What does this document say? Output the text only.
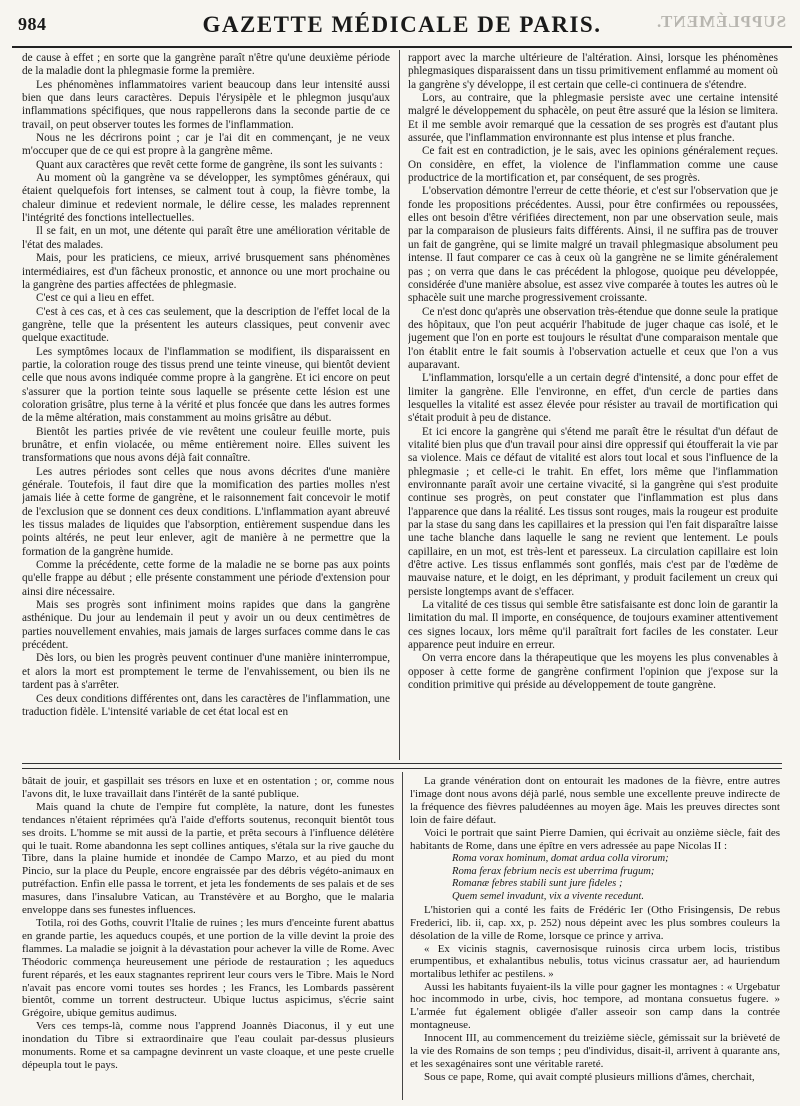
984	GAZETTE MÉDICALE DE PARIS.	SUPPLÉMENT.

de cause à effet ; en sorte que la gangrène paraît n'être qu'une deuxième période de la maladie dont la phlegmasie forme la première.

Les phénomènes inflammatoires varient beaucoup dans leur intensité aussi bien que dans leurs caractères. Depuis l'érysipèle et le phlegmon jusqu'aux inflammations spécifiques, que nous rappellerons dans la seconde partie de ce travail, on peut observer toutes les formes de l'inflammation.

Nous ne les décrirons point ; car je l'ai dit en commençant, je ne veux m'occuper que de ce qui est propre à la gangrène même.

Quant aux caractères que revêt cette forme de gangrène, ils sont les suivants :

Au moment où la gangrène va se développer, les symptômes généraux, qui étaient quelquefois fort intenses, se calment tout à coup, la fièvre tombe, la chaleur diminue et redevient normale, le délire cesse, les malades reprennent l'intégrité des fonctions intellectuelles.

Il se fait, en un mot, une détente qui paraît être une amélioration véritable de l'état des malades.

Mais, pour les praticiens, ce mieux, arrivé brusquement sans phénomènes intermédiaires, est d'un fâcheux pronostic, et annonce ou une mort prochaine ou la gangrène des parties affectées de phlegmasie.

C'est ce qui a lieu en effet.

C'est à ces cas, et à ces cas seulement, que la description de l'effet local de la gangrène, telle que la présentent les auteurs classiques, peut convenir avec quelque exactitude.

Les symptômes locaux de l'inflammation se modifient, ils disparaissent en partie, la coloration rouge des tissus prend une teinte vineuse, qui bientôt devient celle que nous avons indiquée comme propre à la gangrène. Et ici encore on peut s'assurer que la portion teinte sous laquelle se présente cette lésion est une coloration grisâtre, plus terne à la vérité et plus foncée que dans les autres formes de la même altération, mais constamment au moins grisâtre au début.

Bientôt les parties privée de vie revêtent une couleur feuille morte, puis brunâtre, et enfin violacée, ou même entièrement noire. Elles suivent les transformations que nous avons déjà fait connaître.

Les autres périodes sont celles que nous avons décrites d'une manière générale. Toutefois, il faut dire que la momification des parties molles n'est jamais liée à cette forme de gangrène, et le raisonnement fait concevoir le motif de l'exclusion que se donnent ces deux conditions. L'inflammation ayant abreuvé les tissus malades de liquides que l'absorption, entièrement suspendue dans les points altérés, ne peut leur enlever, agit de manière à ne permettre que la formation de la gangrène humide.

Comme la précédente, cette forme de la maladie ne se borne pas aux points qu'elle frappe au début ; elle présente constamment une période d'extension pour ainsi dire nécessaire.

Mais ses progrès sont infiniment moins rapides que dans la gangrène asthénique. Du jour au lendemain il peut y avoir un ou deux centimètres de parties nouvellement envahies, mais jamais de larges surfaces comme dans le cas précédent.

Dès lors, ou bien les progrès peuvent continuer d'une manière ininterrompue, et alors la mort est promptement le terme de l'envahissement, ou bien ils ne tardent pas à s'arrêter.

Ces deux conditions différentes ont, dans les caractères de l'inflammation, une traduction fidèle. L'intensité variable de cet état local est en

rapport avec la marche ultérieure de l'altération. Ainsi, lorsque les phénomènes phlegmasiques disparaissent dans un tissu primitivement enflammé au moment où la gangrène s'y développe, il est certain que celle-ci continuera de s'étendre.

Lors, au contraire, que la phlegmasie persiste avec une certaine intensité malgré le développement du sphacèle, on peut être assuré que la lésion se limitera. Et il me semble avoir remarqué que la cessation de ses progrès est d'autant plus assurée, que l'inflammation environnante est plus intense et plus franche.

Ce fait est en contradiction, je le sais, avec les opinions généralement reçues. On considère, en effet, la violence de l'inflammation comme une cause productrice de la mortification et, par conséquent, de ses progrès.

L'observation démontre l'erreur de cette théorie, et c'est sur l'observation que je fonde les propositions précédentes. Aussi, pour être confirmées ou repoussées, elles ont besoin d'être vérifiées directement, non par une observation seule, mais par la comparaison de plusieurs faits différents. Ainsi, il ne suffira pas de trouver un fait de gangrène, qui se limite malgré un travail phlegmasique absolument peu intense. Il faut comparer ce cas à ceux où la gangrène ne se limite généralement pas ; on verra que dans le cas précédent la phlogose, quoique peu développée, considérée d'une manière absolue, est assez vive comparée à toutes les autres où le sphacèle suit une marche progressivement croissante.

Ce n'est donc qu'après une observation très-étendue que donne seule la pratique des hôpitaux, que l'on peut acquérir l'habitude de juger chaque cas isolé, et le jugement que l'on en porte est toujours le résultat d'une comparaison mentale que l'on établit entre le fait soumis à l'observation actuelle et ceux que l'on a vus auparavant.

L'inflammation, lorsqu'elle a un certain degré d'intensité, a donc pour effet de limiter la gangrène. Elle l'environne, en effet, d'un cercle de parties dans lesquelles la vitalité est assez élevée pour résister au travail de mortification qui s'était produit à peu de distance.

Et ici encore la gangrène qui s'étend me paraît être le résultat d'un défaut de vitalité bien plus que d'un travail pour ainsi dire oppressif qui étoufferait la vie par sa violence. Mais ce défaut de vitalité est alors tout local et sous l'influence de la phlegmasie ; et celle-ci le trahit. En effet, lors même que l'inflammation environnante paraît avoir une certaine vivacité, si la gangrène qui s'est produite continue ses progrès, on peut constater que l'inflammation est plus dans l'apparence que dans la réalité. Les tissus sont rouges, mais la rougeur est produite par la stase du sang dans les capillaires et la pression qui l'en fait disparaître laisse une tache blanche dans laquelle le sang ne revient que lentement. Le pouls capillaire, en un mot, est très-lent et paresseux. La circulation capillaire est loin d'être active. Les tissus enflammés sont gonflés, mais c'est par de l'œdème de mauvaise nature, et le doigt, en les déprimant, y produit facilement un creux qui persiste longtemps avant de s'effacer.

La vitalité de ces tissus qui semble être satisfaisante est donc loin de garantir la limitation du mal. Il importe, en conséquence, de toujours examiner attentivement ces signes locaux, lors même qu'il paraîtrait fort faciles de les constater. Leur apparence peut induire en erreur.

On verra encore dans la thérapeutique que les moyens les plus convenables à opposer à cette forme de gangrène confirment l'opinion que j'expose sur la condition primitive qui préside au développement de toute gangrène.

bâtait de jouir, et gaspillait ses trésors en luxe et en ostentation ; or, comme nous l'avons dit, le luxe travaillait dans l'intérêt de la santé publique.

Mais quand la chute de l'empire fut complète, la nature, dont les funestes tendances n'étaient réprimées qu'à l'aide d'efforts soutenus, reconquit bientôt tous ses droits. L'homme se mit aussi de la partie, et prêta secours à l'influence délétère qui le tuait. Rome abandonna les sept collines antiques, s'étala sur la rive gauche du Tibre, dans la plaine humide et inondée de Campo Marzo, et au pied du mont Pincio, sur la place du Peuple, encore engraissée par des débris végéto-animaux en putréfaction. Enfin elle passa le torrent, et jeta les fondements de ses palais et de ses masures, dans l'insalubre Vatican, au Transtévère et au Borgho, que le malaria enveloppe dans ses funestes influences.

Totila, roi des Goths, couvrit l'Italie de ruines ; les murs d'enceinte furent abattus en grande partie, les aqueducs coupés, et une portion de la ville devint la proie des flammes. La maladie se joignit à la dévastation pour achever la ville de Rome. Avec Théodoric commença heureusement une période de restauration ; les aqueducs furent réparés, et les eaux stagnantes reprirent leur cours vers le Tibre. Mais le Nord n'avait pas encore vomi toutes ses hordes ; les Francs, les Lombards passèrent bientôt, comme un torrent destructeur. Ubique luctus aspicimus, s'écrie saint Grégoire, ubique gemitus audimus.

Vers ces temps-là, comme nous l'apprend Joannès Diaconus, il y eut une inondation du Tibre si extraordinaire que l'eau coulait par-dessus plusieurs monuments. Rome et sa campagne devinrent un vaste cloaque, et une peste cruelle dépeupla tout le pays.

La grande vénération dont on entourait les madones de la fièvre, entre autres l'image dont nous avons déjà parlé, nous semble une excellente preuve indirecte de la fréquence des fièvres paludéennes au moyen âge. Mais les preuves directes sont loin de faire défaut.

Voici le portrait que saint Pierre Damien, qui écrivait au onzième siècle, fait des habitants de Rome, dans une épître en vers adressée au pape Nicolas II :

Roma vorax hominum, domat ardua colla virorum;
Roma ferax febrium necis est uberrima frugum;
Romanæ febres stabili sunt jure fideles ;
Quem semel invadunt, vix a vivente recedunt.

L'historien qui a conté les faits de Frédéric Ier (Otho Frisingensis, De rebus Frederici, lib. ii, cap. xx, p. 252) nous dépeint avec les plus sombres couleurs la désolation de la ville de Rome, lorsque ce prince y arriva.

« Ex vicinis stagnis, cavernosisque ruinosis circa urbem locis, tristibus erumpentibus, et exhalantibus nebulis, totus vicinus crassatur aer, ad hauriendum mortalibus lethifer ac pestilens. »

Aussi les habitants fuyaient-ils la ville pour gagner les montagnes : « Urgebatur hoc incommodo in urbe, civis, hoc tempore, ad montana consuetus fugere. » L'armée fut également obligée d'aller asseoir son camp dans la contrée montagneuse.

Innocent III, au commencement du treizième siècle, gémissait sur la brièveté de la vie des Romains de son temps ; peu d'individus, disait-il, arrivent à quarante ans, et les sexagénaires sont une véritable rareté.

Sous ce pape, Rome, qui avait compté plusieurs millions d'âmes, cherchait,
